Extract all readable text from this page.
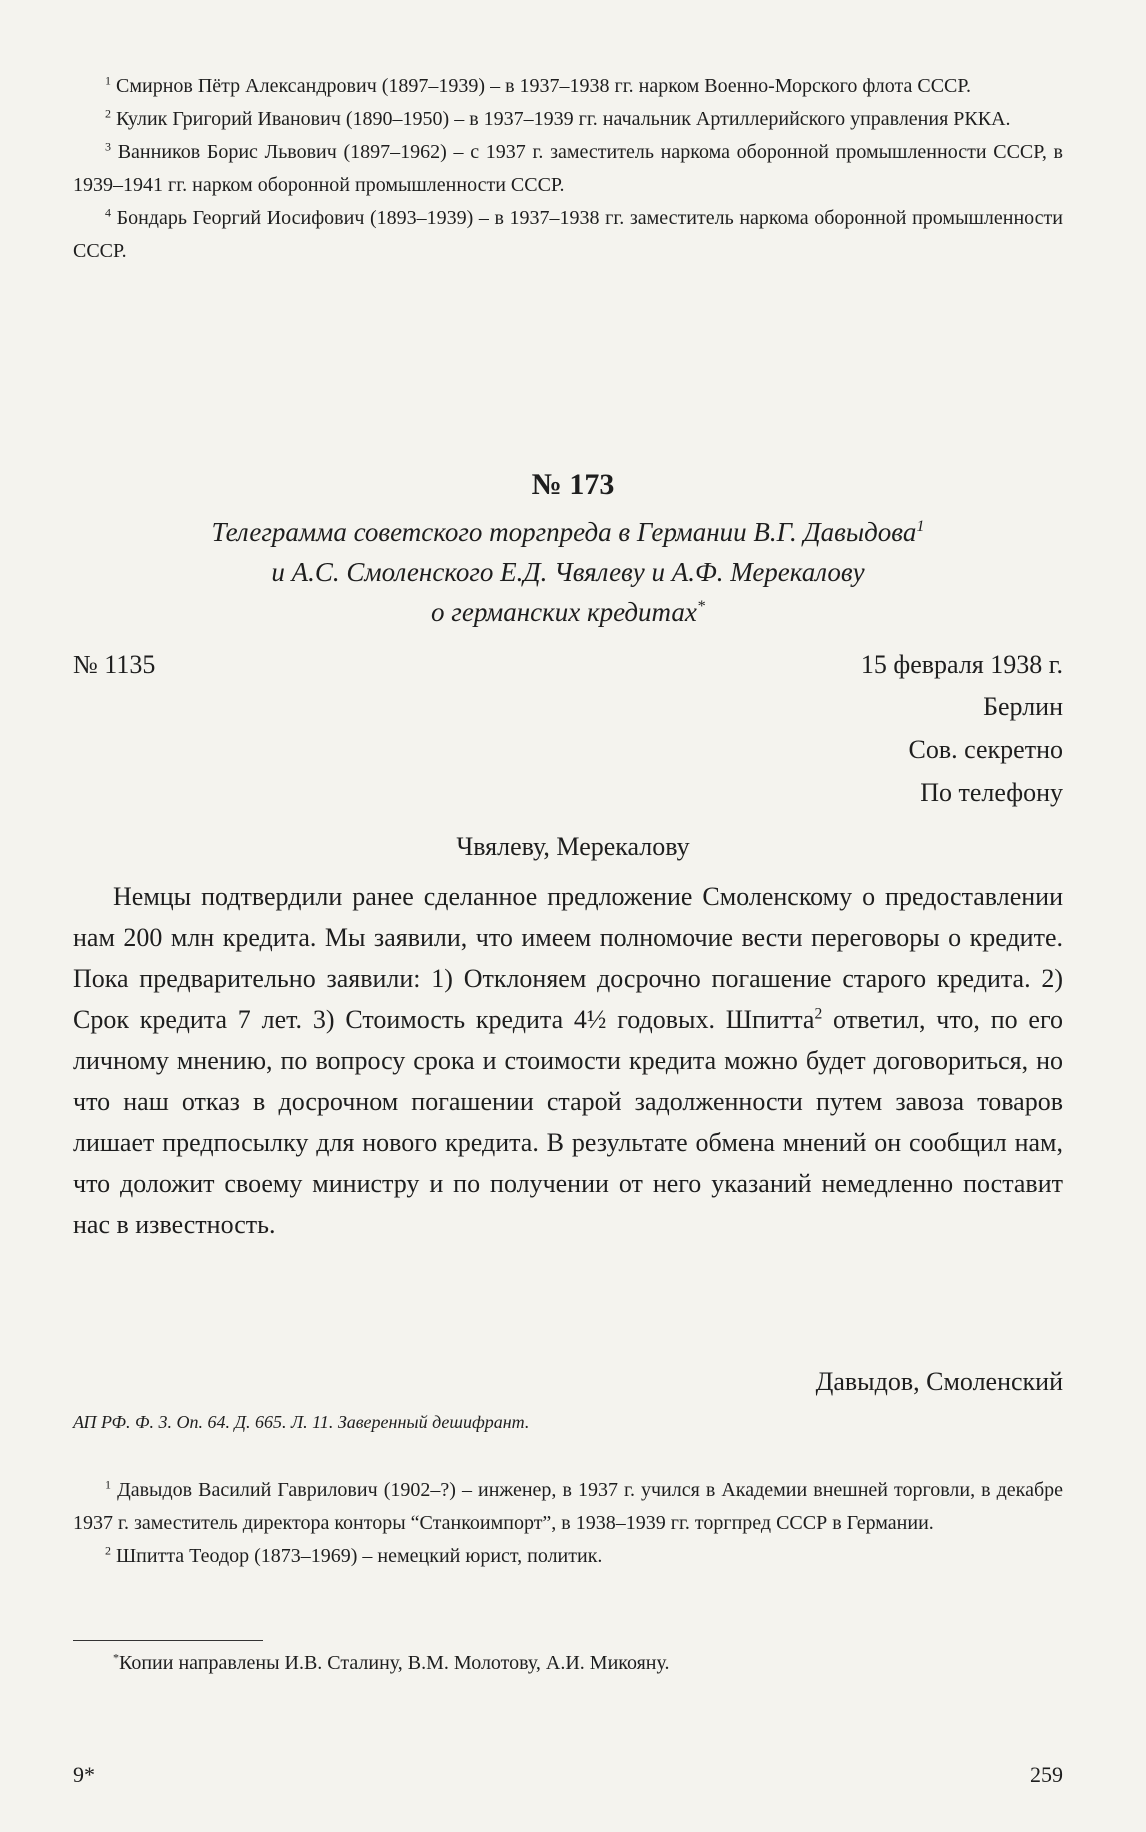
$^1$ Смирнов Пётр Александрович (1897–1939) – в 1937–1938 гг. нарком Военно-Морского флота СССР.

$^2$ Кулик Григорий Иванович (1890–1950) – в 1937–1939 гг. начальник Артиллерийского управления РККА.

$^3$ Ванников Борис Львович (1897–1962) – с 1937 г. заместитель наркома оборонной промышленности СССР, в 1939–1941 гг. нарком оборонной промышленности СССР.

$^4$ Бондарь Георгий Иосифович (1893–1939) – в 1937–1938 гг. заместитель наркома оборонной промышленности СССР.

№ 173
Телеграмма советского торгпреда в Германии В.Г. Давыдова$^1$
и А.С. Смоленского Е.Д. Чвялеву и А.Ф. Мерекалову
о германских кредитах*
№ 1135	15 февраля 1938 г.
Берлин
Сов. секретно
По телефону
Чвялеву, Мерекалову

Немцы подтвердили ранее сделанное предложение Смоленскому о предоставлении нам 200 млн кредита. Мы заявили, что имеем полномочие вести переговоры о кредите. Пока предварительно заявили: 1) Отклоняем досрочно погашение старого кредита. 2) Срок кредита 7 лет. 3) Стоимость кредита 4½ годовых. Шпитта$^2$ ответил, что, по его личному мнению, по вопросу срока и стоимости кредита можно будет договориться, но что наш отказ в досрочном погашении старой задолженности путем завоза товаров лишает предпосылку для нового кредита. В результате обмена мнений он сообщил нам, что доложит своему министру и по получении от него указаний немедленно поставит нас в известность.

Давыдов, Смоленский
АП РФ. Ф. 3. Оп. 64. Д. 665. Л. 11. Заверенный дешифрант.

$^1$ Давыдов Василий Гаврилович (1902–?) – инженер, в 1937 г. учился в Академии внешней торговли, в декабре 1937 г. заместитель директора конторы “Станкоимпорт”, в 1938–1939 гг. торгпред СССР в Германии.

$^2$ Шпитта Теодор (1873–1969) – немецкий юрист, политик.

*Копии направлены И.В. Сталину, В.М. Молотову, А.И. Микояну.
9*	259
